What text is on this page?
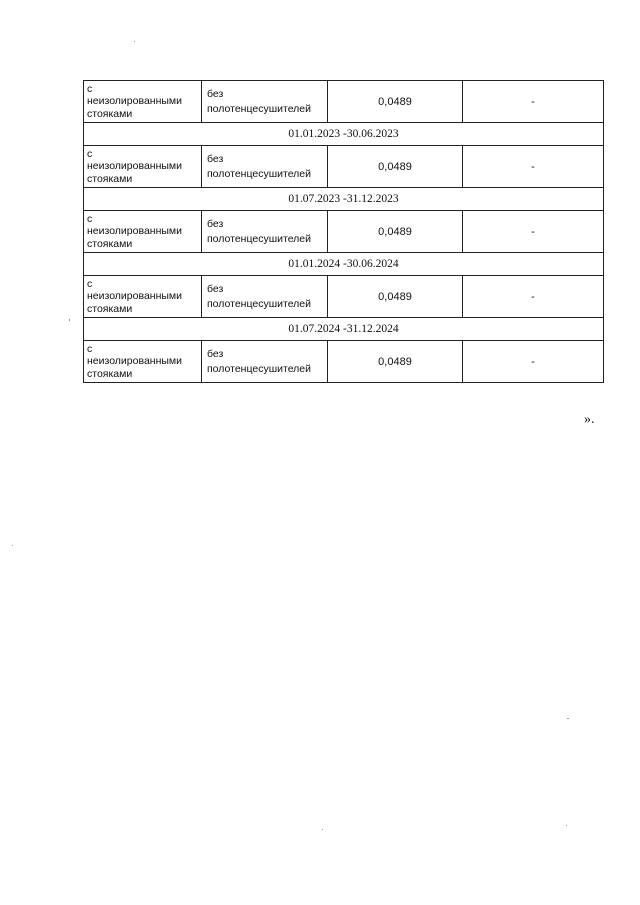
с
неизолированными
стояками	без
полотенцесушителей	0,0489	-
01.01.2023 -30.06.2023			
с
неизолированными
стояками	без
полотенцесушителей	0,0489	-
01.07.2023 -31.12.2023			
с
неизолированными
стояками	без
полотенцесушителей	0,0489	-
01.01.2024 -30.06.2024			
с
неизолированными
стояками	без
полотенцесушителей	0,0489	-
01.07.2024 -31.12.2024			
с
неизолированными
стояками	без
полотенцесушителей	0,0489	-
».
